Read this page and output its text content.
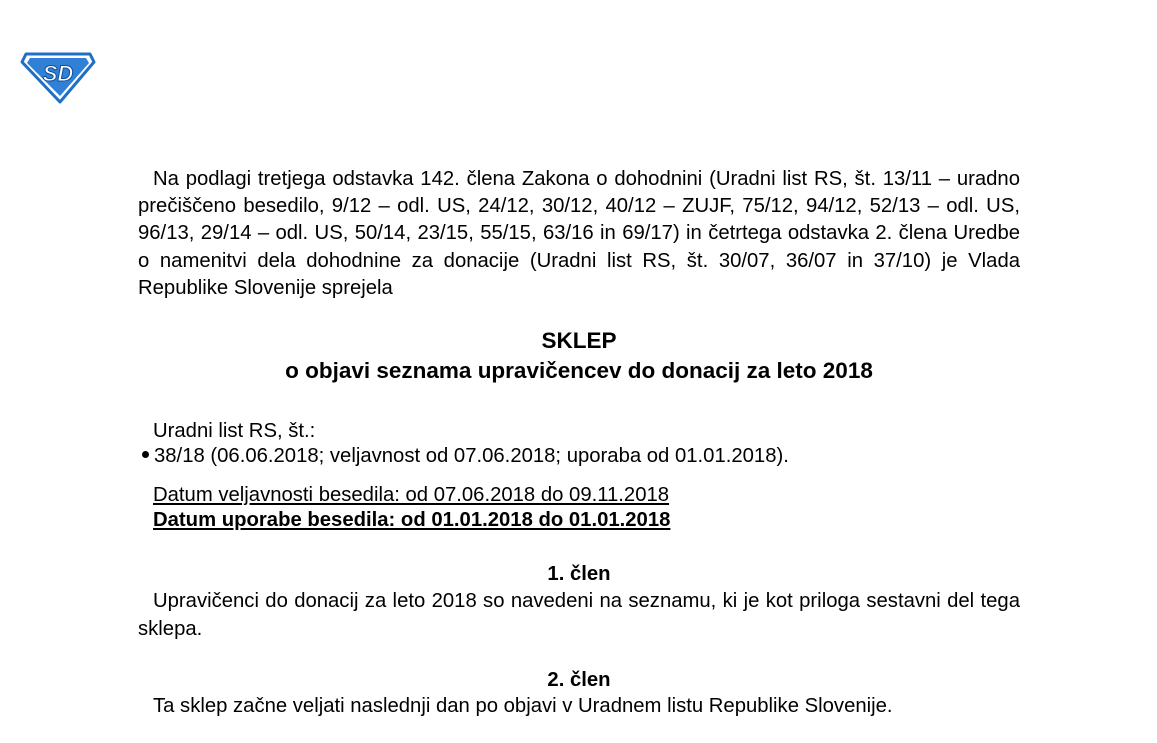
SD

Na podlagi tretjega odstavka 142. člena Zakona o dohodnini (Uradni list RS, št. 13/11 – uradno prečiščeno besedilo, 9/12 – odl. US, 24/12, 30/12, 40/12 – ZUJF, 75/12, 94/12, 52/13 – odl. US, 96/13, 29/14 – odl. US, 50/14, 23/15, 55/15, 63/16 in 69/17) in četrtega odstavka 2. člena Uredbe o namenitvi dela dohodnine za donacije (Uradni list RS, št. 30/07, 36/07 in 37/10) je Vlada Republike Slovenije sprejela

SKLEP
o objavi seznama upravičencev do donacij za leto 2018

Uradni list RS, št.:

38/18 (06.06.2018; veljavnost od 07.06.2018; uporaba od 01.01.2018).

Datum veljavnosti besedila: od 07.06.2018 do 09.11.2018
Datum uporabe besedila: od 01.01.2018 do 01.01.2018

1. člen

Upravičenci do donacij za leto 2018 so navedeni na seznamu, ki je kot priloga sestavni del tega sklepa.

2. člen

Ta sklep začne veljati naslednji dan po objavi v Uradnem listu Republike Slovenije.
